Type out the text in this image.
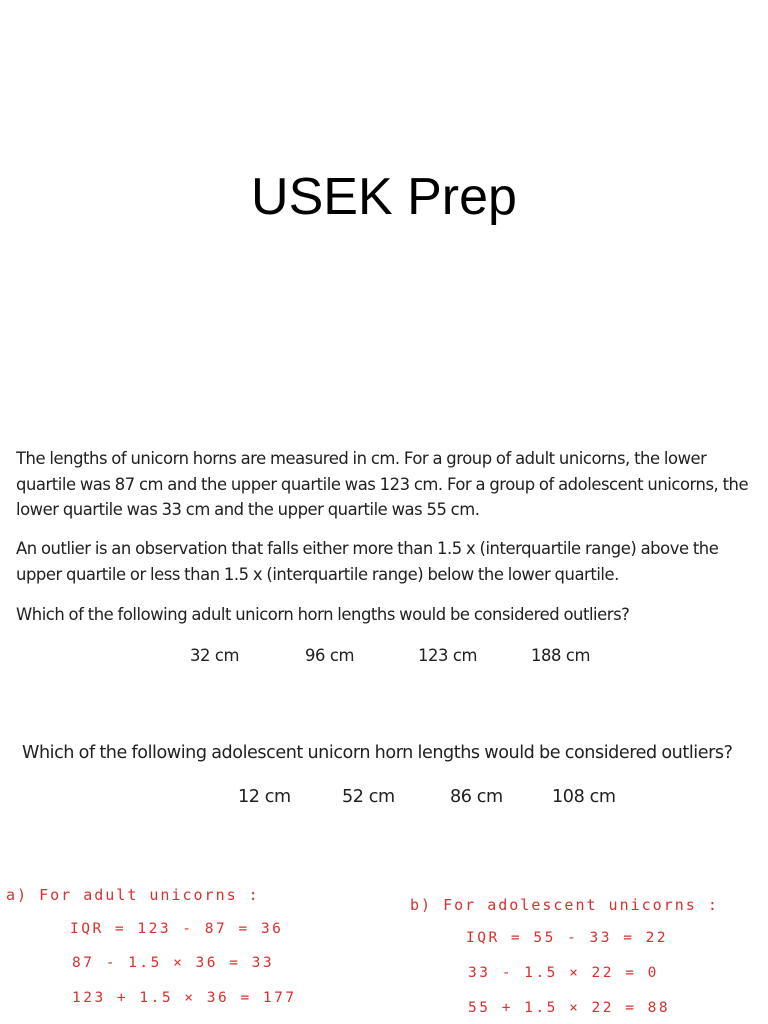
USEK Prep

The lengths of unicorn horns are measured in cm. For a group of adult unicorns, the lower quartile was 87 cm and the upper quartile was 123 cm. For a group of adolescent unicorns, the lower quartile was 33 cm and the upper quartile was 55 cm.

An outlier is an observation that falls either more than 1.5 x (interquartile range) above the upper quartile or less than 1.5 x (interquartile range) below the lower quartile.

Which of the following adult unicorn horn lengths would be considered outliers?

32 cm	96 cm	123 cm	188 cm
Which of the following adolescent unicorn horn lengths would be considered outliers?
12 cm	52 cm	86 cm	108 cm
a) For adult unicorns :
IQR = 123 - 87 = 36
87 - 1.5 × 36 = 33
123 + 1.5 × 36 = 177
b) For adolescent unicorns :
IQR = 55 - 33 = 22
33 - 1.5 × 22 = 0
55 + 1.5 × 22 = 88
